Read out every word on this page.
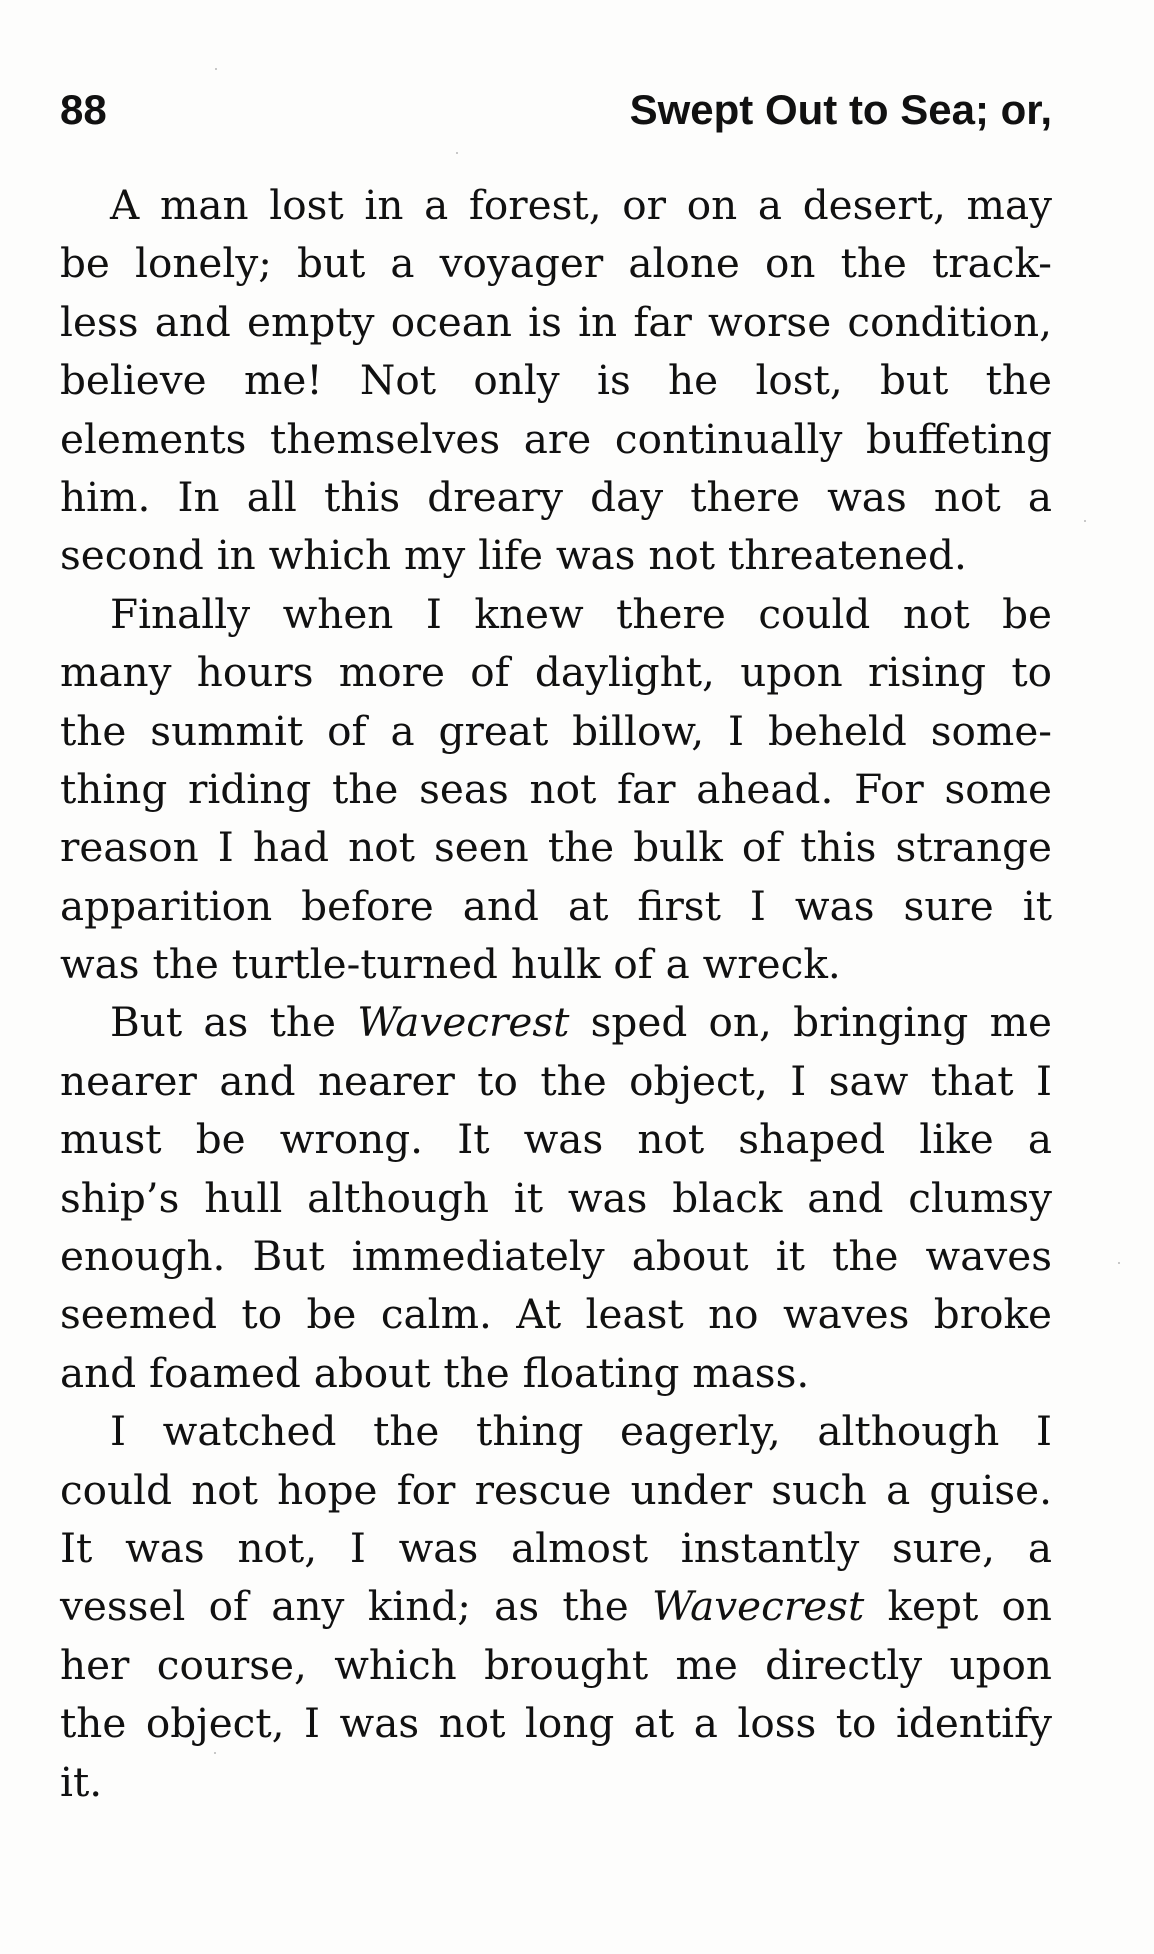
88	Swept Out to Sea; or,
A man lost in a forest, or on a desert, may
be lonely; but a voyager alone on the track-
less and empty ocean is in far worse condition,
believe me! Not only is he lost, but the
elements themselves are continually buffeting
him. In all this dreary day there was not a
second in which my life was not threatened.
Finally when I knew there could not be
many hours more of daylight, upon rising to
the summit of a great billow, I beheld some-
thing riding the seas not far ahead. For some
reason I had not seen the bulk of this strange
apparition before and at first I was sure it
was the turtle-turned hulk of a wreck.
But as the Wavecrest sped on, bringing me
nearer and nearer to the object, I saw that I
must be wrong. It was not shaped like a
ship’s hull although it was black and clumsy
enough. But immediately about it the waves
seemed to be calm. At least no waves broke
and foamed about the floating mass.
I watched the thing eagerly, although I
could not hope for rescue under such a guise.
It was not, I was almost instantly sure, a
vessel of any kind; as the Wavecrest kept on
her course, which brought me directly upon
the object, I was not long at a loss to identify
it.
